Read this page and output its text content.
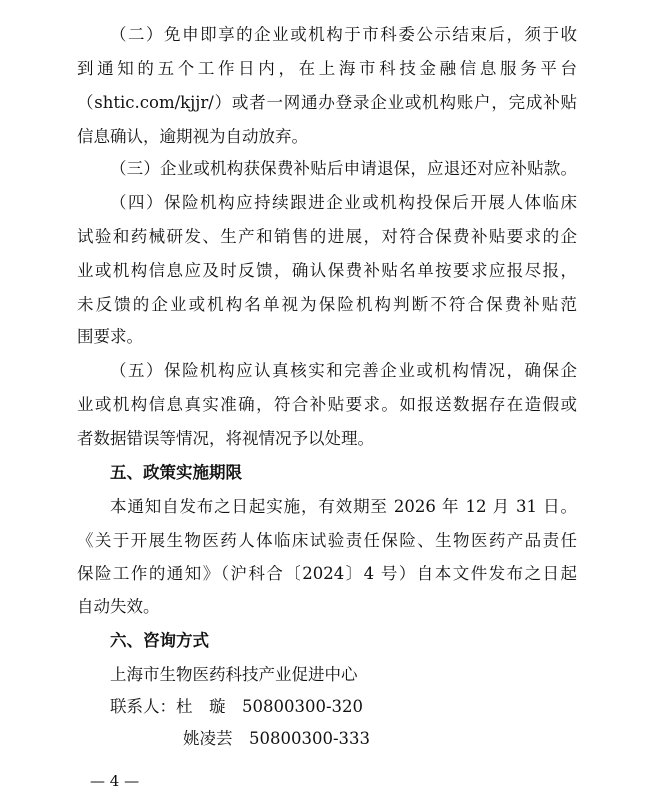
（二）免申即享的企业或机构于市科委公示结束后，须于收
到通知的五个工作日内，在上海市科技金融信息服务平台
（shtic.com/kjjr/）或者一网通办登录企业或机构账户，完成补贴
信息确认，逾期视为自动放弃。
（三）企业或机构获保费补贴后申请退保，应退还对应补贴款。
（四）保险机构应持续跟进企业或机构投保后开展人体临床
试验和药械研发、生产和销售的进展，对符合保费补贴要求的企
业或机构信息应及时反馈，确认保费补贴名单按要求应报尽报，
未反馈的企业或机构名单视为保险机构判断不符合保费补贴范
围要求。
（五）保险机构应认真核实和完善企业或机构情况，确保企
业或机构信息真实准确，符合补贴要求。如报送数据存在造假或
者数据错误等情况，将视情况予以处理。
五、政策实施期限
本通知自发布之日起实施，有效期至 2026 年 12 月 31 日。
《关于开展生物医药人体临床试验责任保险、生物医药产品责任
保险工作的通知》（沪科合〔2024〕4 号）自本文件发布之日起
自动失效。
六、咨询方式
上海市生物医药科技产业促进中心
联系人：杜　璇　50800300-320
姚凌芸　50800300-333
— 4 —
